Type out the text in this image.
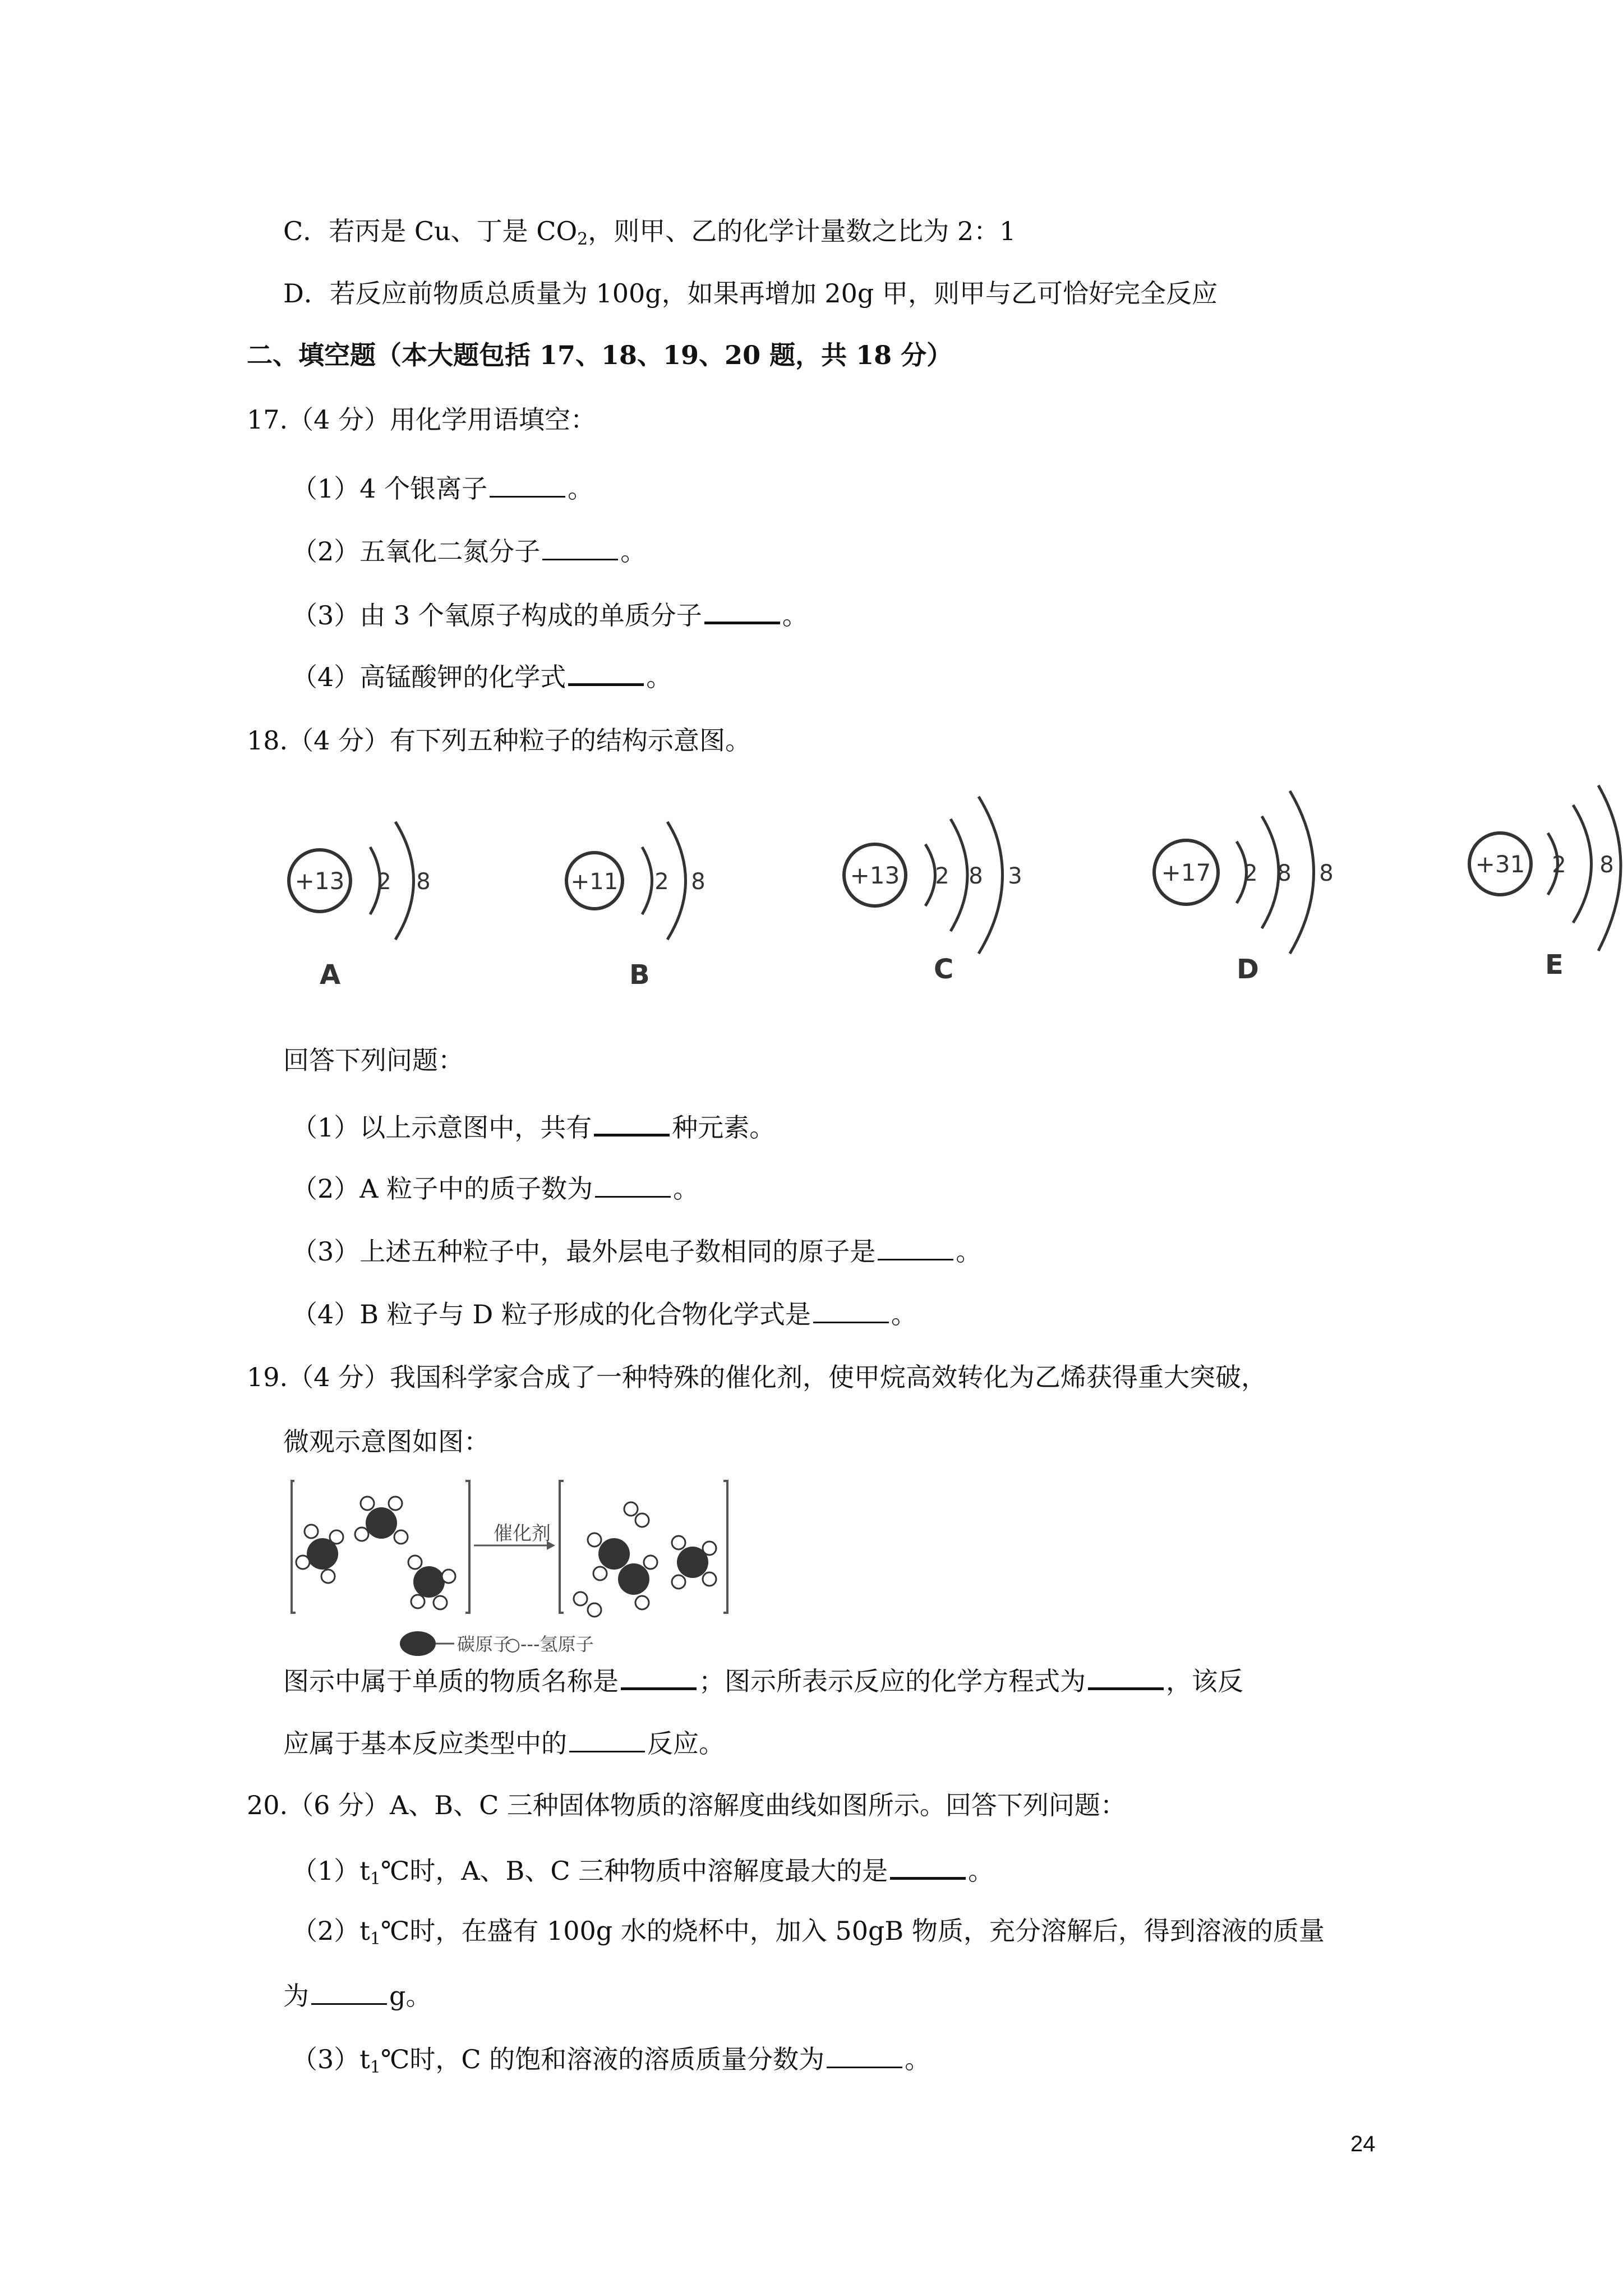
C．若丙是 Cu、丁是 $CO_2$，则甲、乙的化学计量数之比为 2：1
D．若反应前物质总质量为 100g，如果再增加 20g 甲，则甲与乙可恰好完全反应
二、填空题（本大题包括 17、18、19、20 题，共 18 分）
17.（4 分）用化学用语填空：
（1）4 个银离子	。
（2）五氧化二氮分子	。
（3）由 3 个氧原子构成的单质分子	。
（4）高锰酸钾的化学式	。
18.（4 分）有下列五种粒子的结构示意图。
+13 2 8
A
+11 2 8
B
+13 2 8 3
C
+17 2 8 8
D
+31 2 8
E
回答下列问题：
（1）以上示意图中，共有	种元素。
（2）A 粒子中的质子数为	。
（3）上述五种粒子中，最外层电子数相同的原子是	。
（4）B 粒子与 D 粒子形成的化合物化学式是	。
19.（4 分）我国科学家合成了一种特殊的催化剂，使甲烷高效转化为乙烯获得重大突破，
微观示意图如图：
催化剂
碳原子
○---氢原子
图示中属于单质的物质名称是	；图示所表示反应的化学方程式为	，该反
应属于基本反应类型中的	反应。
20.（6 分）A、B、C 三种固体物质的溶解度曲线如图所示。回答下列问题：
$(1)t_1℃$时，A、B、C 三种物质中溶解度最大的是	。
$(2)t_1℃$时，在盛有 100g 水的烧杯中，加入 50gB 物质，充分溶解后，得到溶液的质量
为	g。
$(3)t_1℃$时，C 的饱和溶液的溶质质量分数为	。
24
